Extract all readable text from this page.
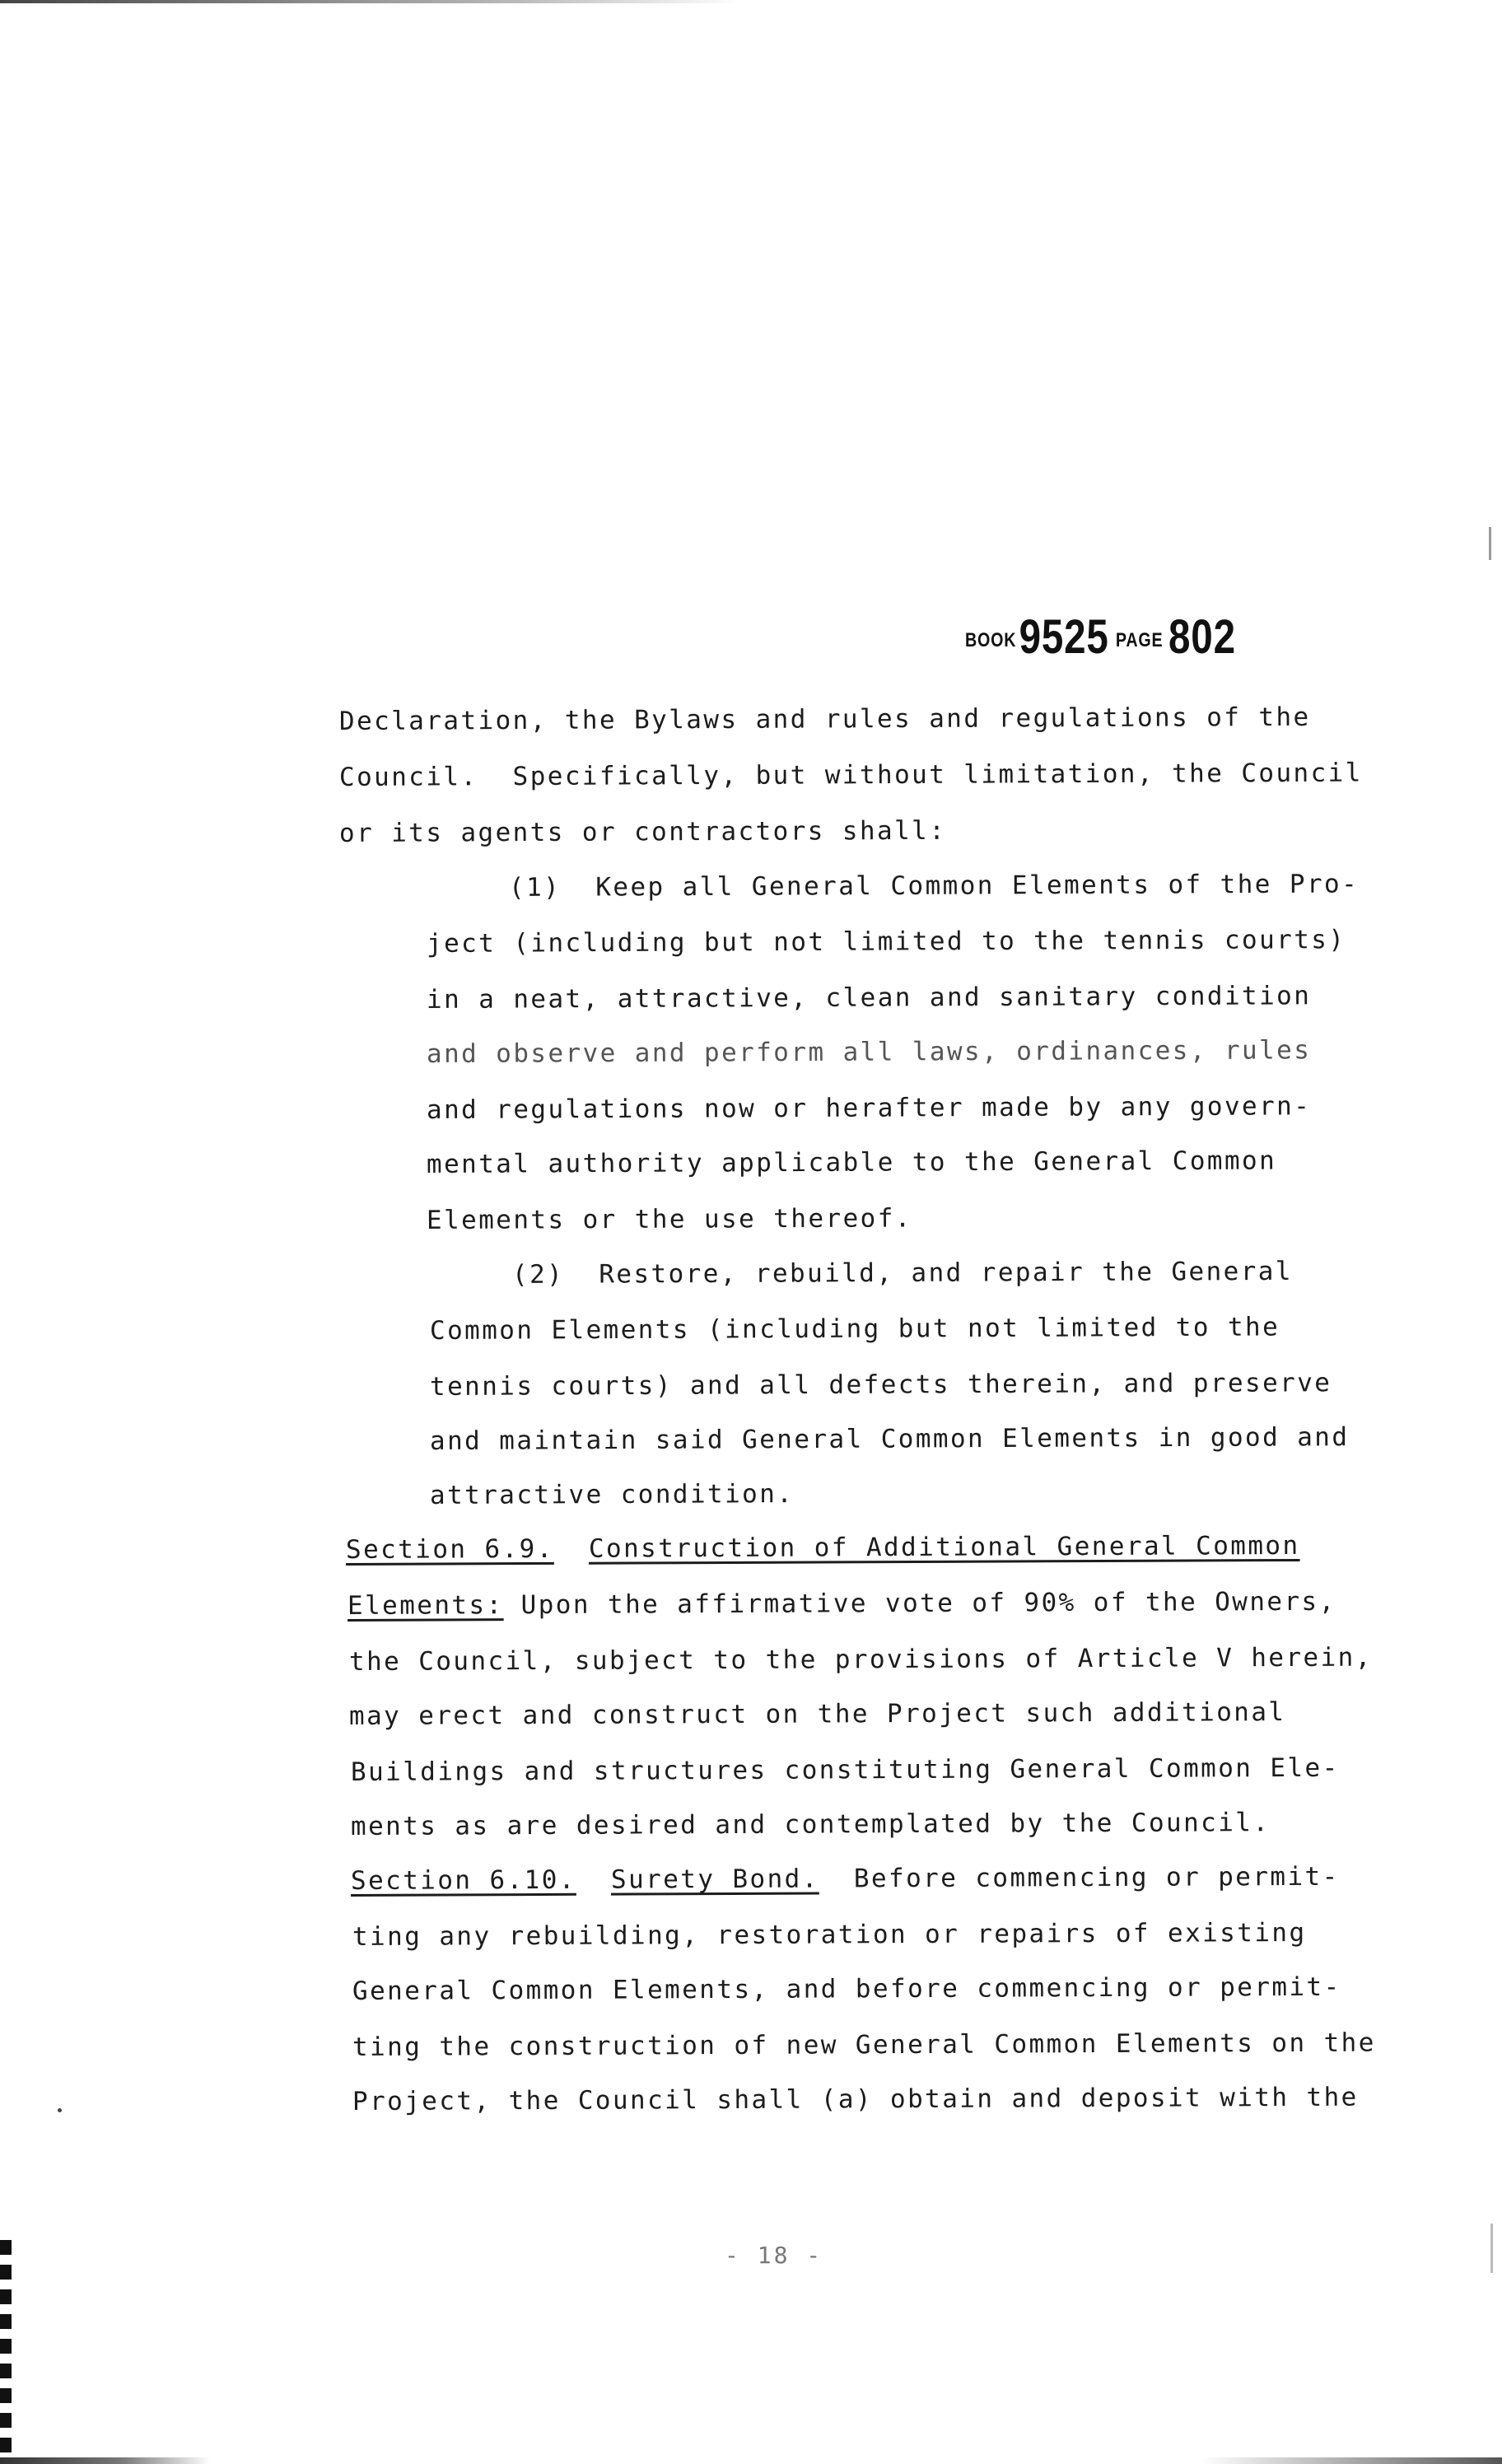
BOOK9525 PAGE 802
Declaration, the Bylaws and rules and regulations of the
Council.  Specifically, but without limitation, the Council
or its agents or contractors shall:
(1)  Keep all General Common Elements of the Pro-
ject (including but not limited to the tennis courts)
in a neat, attractive, clean and sanitary condition
and observe and perform all laws, ordinances, rules
and regulations now or herafter made by any govern-
mental authority applicable to the General Common
Elements or the use thereof.
(2)  Restore, rebuild, and repair the General
Common Elements (including but not limited to the
tennis courts) and all defects therein, and preserve
and maintain said General Common Elements in good and
attractive condition.
Section 6.9. Construction of Additional General Common
Elements: Upon the affirmative vote of 90% of the Owners,
the Council, subject to the provisions of Article V herein,
may erect and construct on the Project such additional
Buildings and structures constituting General Common Ele-
ments as are desired and contemplated by the Council.
Section 6.10. Surety Bond.  Before commencing or permit-
ting any rebuilding, restoration or repairs of existing
General Common Elements, and before commencing or permit-
ting the construction of new General Common Elements on the
Project, the Council shall (a) obtain and deposit with the
- 18 -
